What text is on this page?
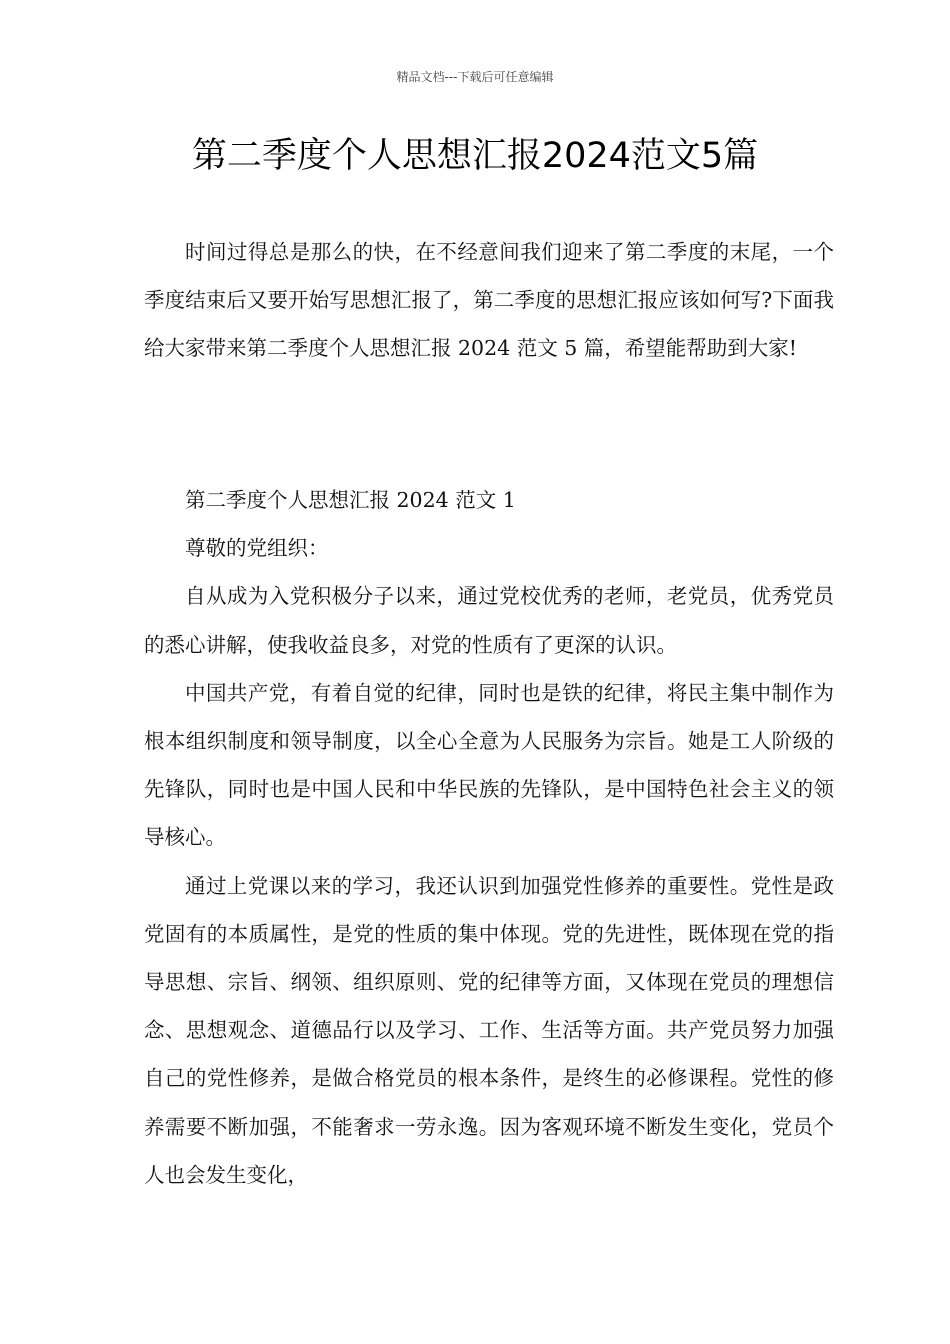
精品文档---下载后可任意编辑
第二季度个人思想汇报2024范文5篇

时间过得总是那么的快，在不经意间我们迎来了第二季度的末尾，一个季度结束后又要开始写思想汇报了，第二季度的思想汇报应该如何写?下面我给大家带来第二季度个人思想汇报 2024 范文 5 篇，希望能帮助到大家!

第二季度个人思想汇报 2024 范文 1

尊敬的党组织：

自从成为入党积极分子以来，通过党校优秀的老师，老党员，优秀党员的悉心讲解，使我收益良多，对党的性质有了更深的认识。

中国共产党，有着自觉的纪律，同时也是铁的纪律，将民主集中制作为根本组织制度和领导制度，以全心全意为人民服务为宗旨。她是工人阶级的先锋队，同时也是中国人民和中华民族的先锋队，是中国特色社会主义的领导核心。

通过上党课以来的学习，我还认识到加强党性修养的重要性。党性是政党固有的本质属性，是党的性质的集中体现。党的先进性，既体现在党的指导思想、宗旨、纲领、组织原则、党的纪律等方面，又体现在党员的理想信念、思想观念、道德品行以及学习、工作、生活等方面。共产党员努力加强自己的党性修养，是做合格党员的根本条件，是终生的必修课程。党性的修养需要不断加强，不能奢求一劳永逸。因为客观环境不断发生变化，党员个人也会发生变化，
